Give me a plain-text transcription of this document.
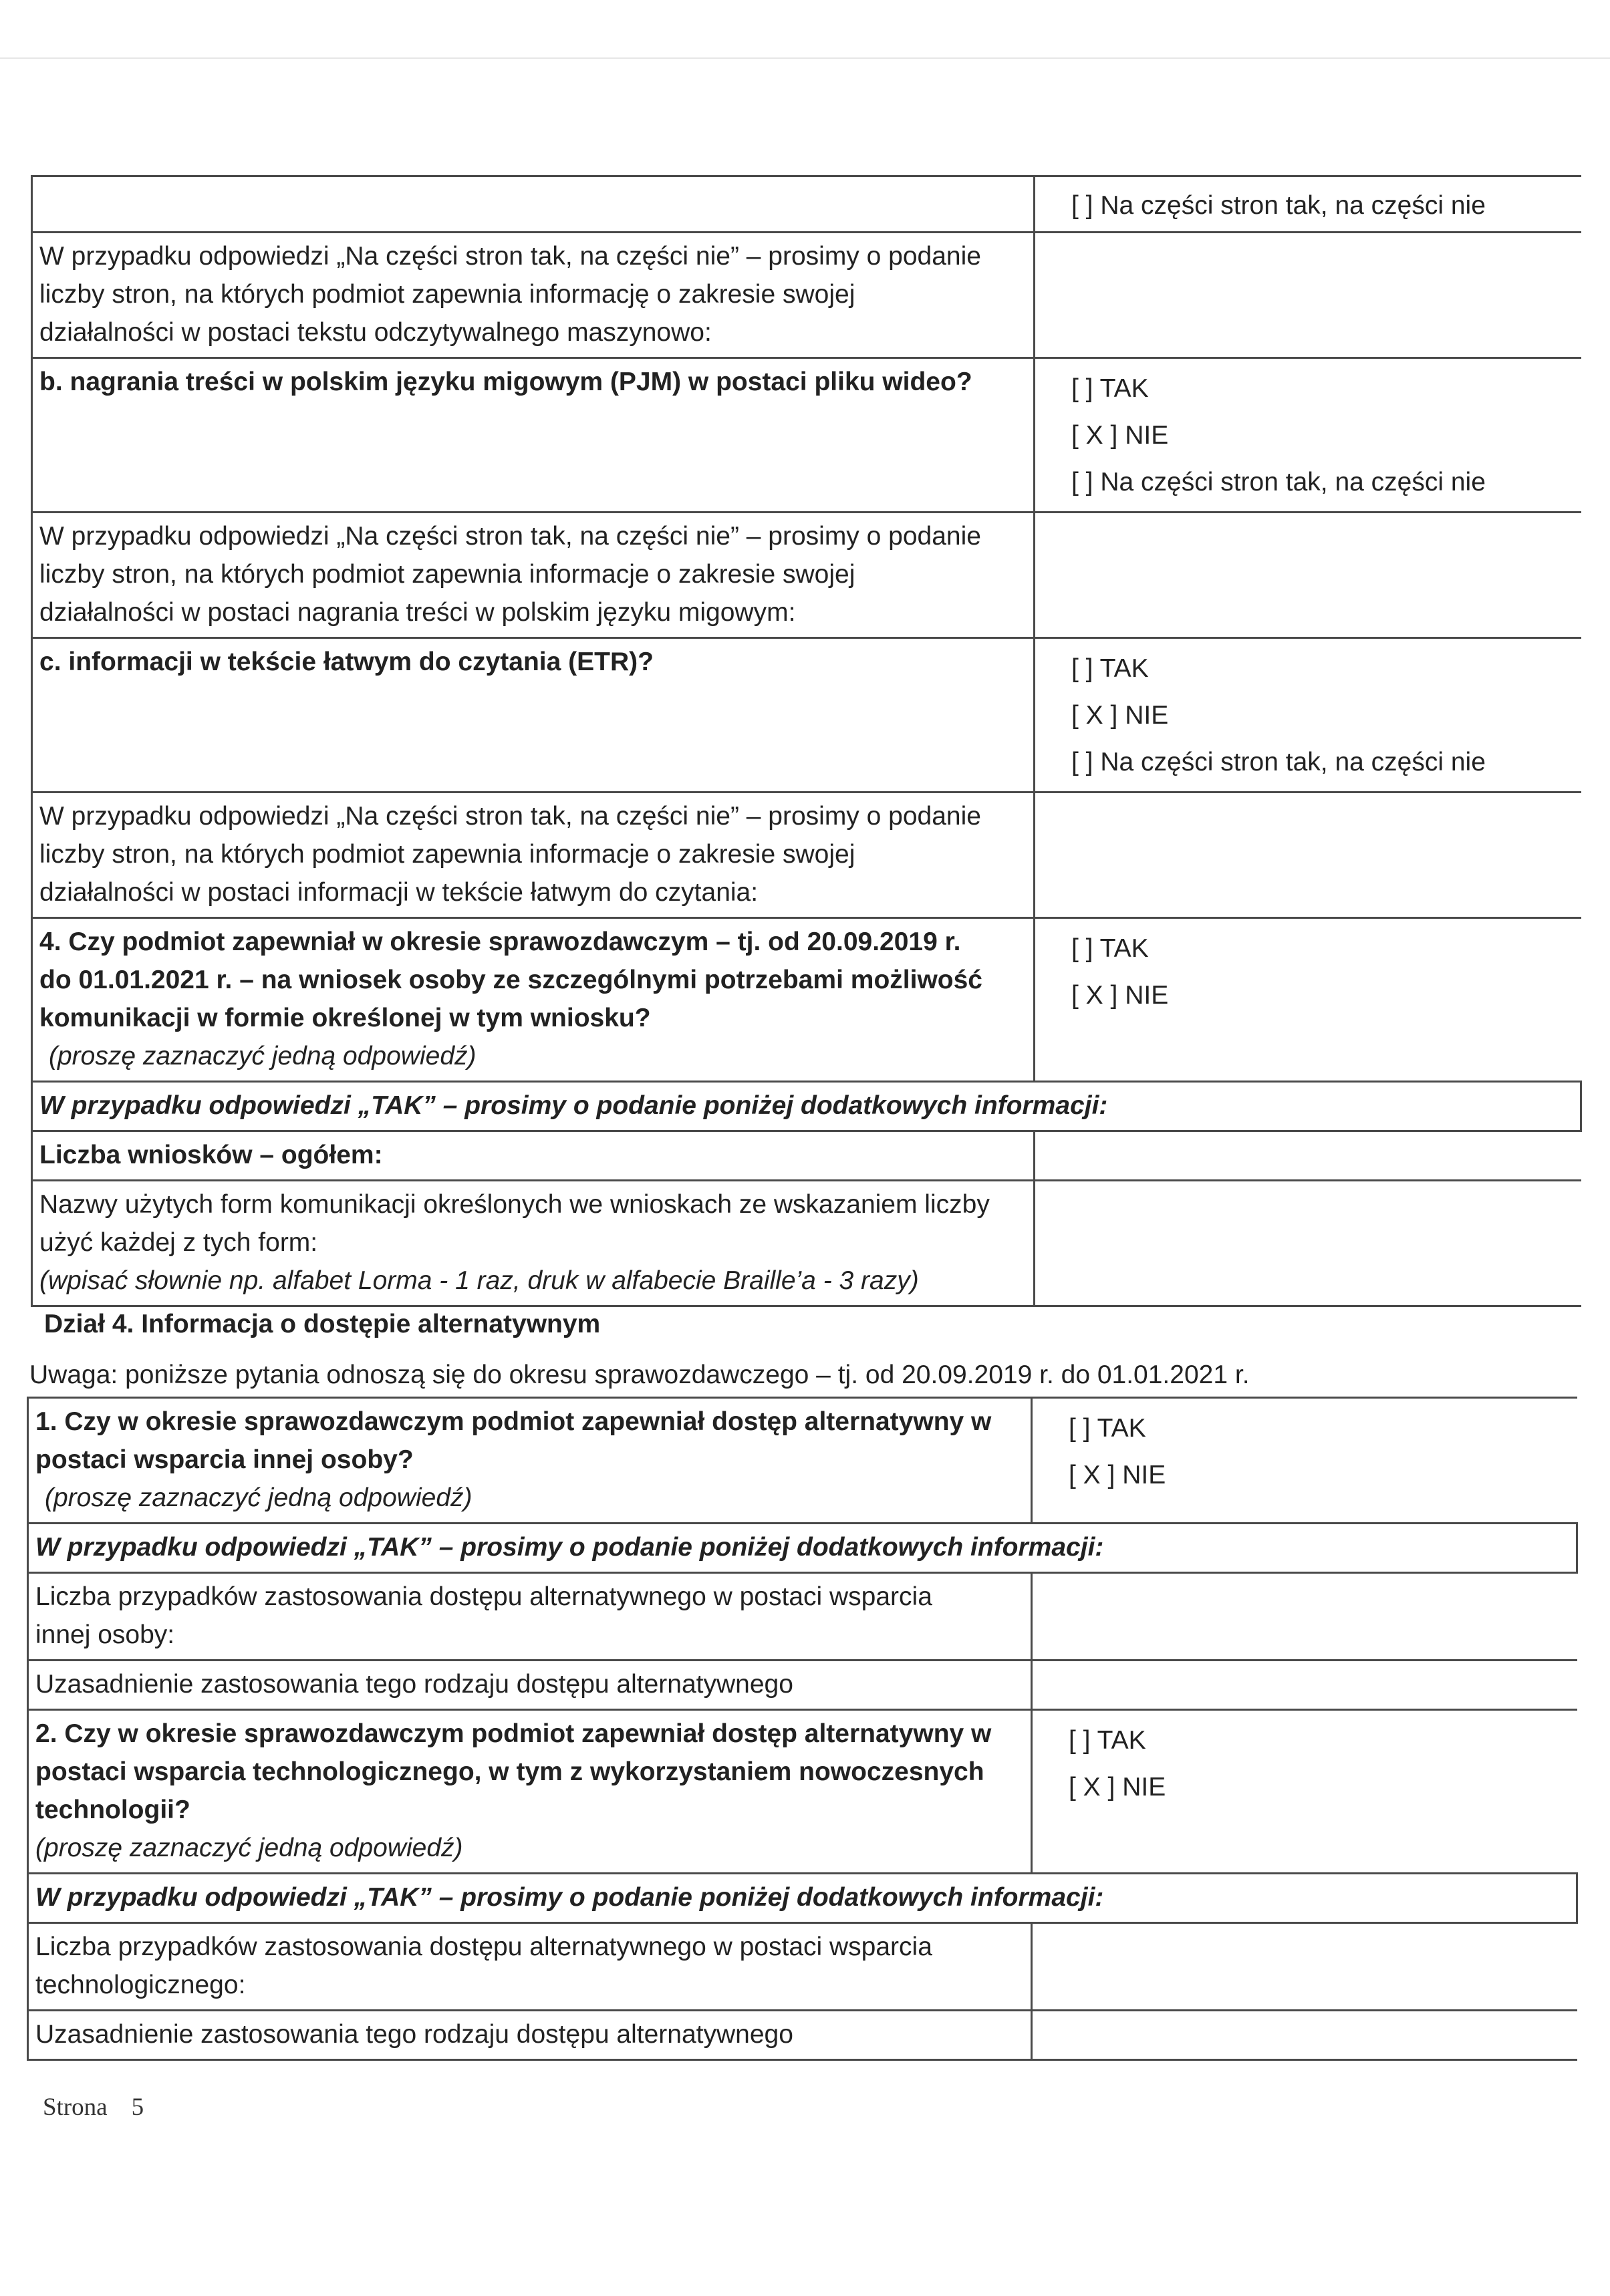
	[ ] Na części stron tak, na części nie

W przypadku odpowiedzi „Na części stron tak, na części nie” – prosimy o podanie
liczby stron, na których podmiot zapewnia informację o zakresie swojej
działalności w postaci tekstu odczytywalnego maszynowo:	

b. nagrania treści w polskim języku migowym (PJM) w postaci pliku wideo?	[ ] TAK
[ X ] NIE
[ ] Na części stron tak, na części nie

W przypadku odpowiedzi „Na części stron tak, na części nie” – prosimy o podanie
liczby stron, na których podmiot zapewnia informacje o zakresie swojej
działalności w postaci nagrania treści w polskim języku migowym:	

c. informacji w tekście łatwym do czytania (ETR)?	[ ] TAK
[ X ] NIE
[ ] Na części stron tak, na części nie

W przypadku odpowiedzi „Na części stron tak, na części nie” – prosimy o podanie
liczby stron, na których podmiot zapewnia informacje o zakresie swojej
działalności w postaci informacji w tekście łatwym do czytania:	

4. Czy podmiot zapewniał w okresie sprawozdawczym – tj. od 20.09.2019 r.
do 01.01.2021 r. – na wniosek osoby ze szczególnymi potrzebami możliwość
komunikacji w formie określonej w tym wniosku?
(proszę zaznaczyć jedną odpowiedź)	[ ] TAK
[ X ] NIE

W przypadku odpowiedzi „TAK” – prosimy o podanie poniżej dodatkowych informacji:	

Liczba wniosków – ogółem:	

Nazwy użytych form komunikacji określonych we wnioskach ze wskazaniem liczby
użyć każdej z tych form:
(wpisać słownie np. alfabet Lorma - 1 raz, druk w alfabecie Braille’a - 3 razy)	

Dział 4. Informacja o dostępie alternatywnym
Uwaga: poniższe pytania odnoszą się do okresu sprawozdawczego – tj. od 20.09.2019 r. do 01.01.2021 r.
1. Czy w okresie sprawozdawczym podmiot zapewniał dostęp alternatywny w
postaci wsparcia innej osoby?
(proszę zaznaczyć jedną odpowiedź)	[ ] TAK
[ X ] NIE

W przypadku odpowiedzi „TAK” – prosimy o podanie poniżej dodatkowych informacji:	

Liczba przypadków zastosowania dostępu alternatywnego w postaci wsparcia
innej osoby:	

Uzasadnienie zastosowania tego rodzaju dostępu alternatywnego	

2. Czy w okresie sprawozdawczym podmiot zapewniał dostęp alternatywny w
postaci wsparcia technologicznego, w tym z wykorzystaniem nowoczesnych
technologii?
(proszę zaznaczyć jedną odpowiedź)	[ ] TAK
[ X ] NIE

W przypadku odpowiedzi „TAK” – prosimy o podanie poniżej dodatkowych informacji:	

Liczba przypadków zastosowania dostępu alternatywnego w postaci wsparcia
technologicznego:	

Uzasadnienie zastosowania tego rodzaju dostępu alternatywnego	

Strona 5
